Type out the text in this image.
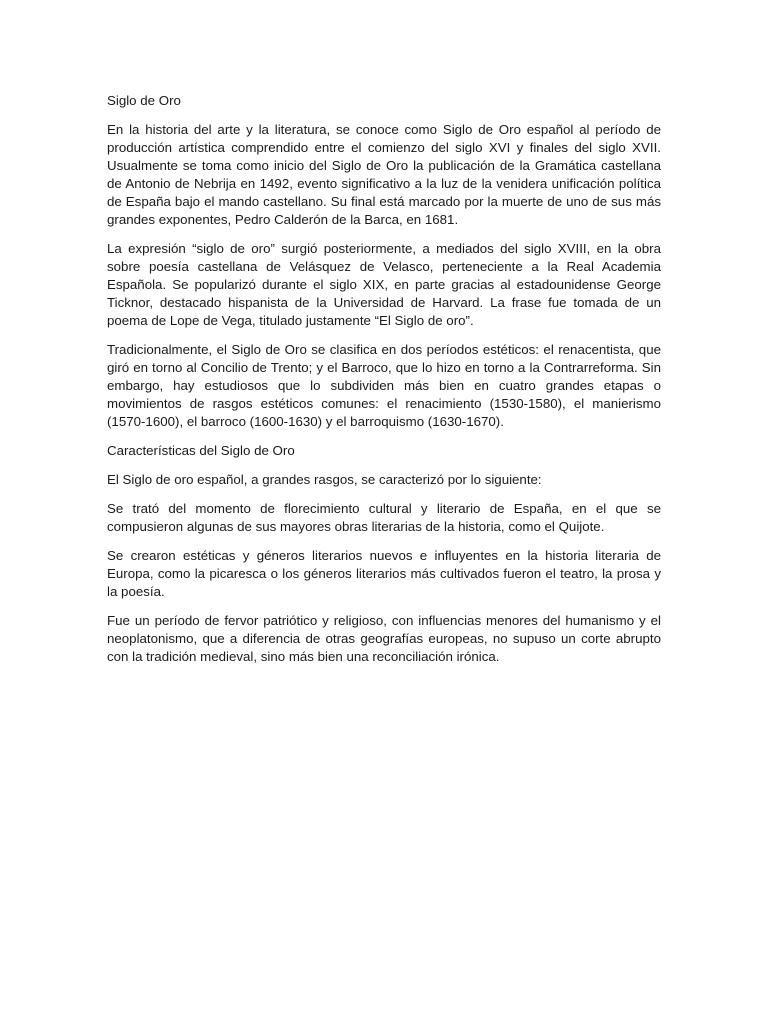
Siglo de Oro

En la historia del arte y la literatura, se conoce como Siglo de Oro español al período de producción artística comprendido entre el comienzo del siglo XVI y finales del siglo XVII. Usualmente se toma como inicio del Siglo de Oro la publicación de la Gramática castellana de Antonio de Nebrija en 1492, evento significativo a la luz de la venidera unificación política de España bajo el mando castellano. Su final está marcado por la muerte de uno de sus más grandes exponentes, Pedro Calderón de la Barca, en 1681.

La expresión “siglo de oro” surgió posteriormente, a mediados del siglo XVIII, en la obra sobre poesía castellana de Velásquez de Velasco, perteneciente a la Real Academia Española. Se popularizó durante el siglo XIX, en parte gracias al estadounidense George Ticknor, destacado hispanista de la Universidad de Harvard. La frase fue tomada de un poema de Lope de Vega, titulado justamente “El Siglo de oro”.

Tradicionalmente, el Siglo de Oro se clasifica en dos períodos estéticos: el renacentista, que giró en torno al Concilio de Trento; y el Barroco, que lo hizo en torno a la Contrarreforma. Sin embargo, hay estudiosos que lo subdividen más bien en cuatro grandes etapas o movimientos de rasgos estéticos comunes: el renacimiento (1530-1580), el manierismo (1570-1600), el barroco (1600-1630) y el barroquismo (1630-1670).

Características del Siglo de Oro

El Siglo de oro español, a grandes rasgos, se caracterizó por lo siguiente:

Se trató del momento de florecimiento cultural y literario de España, en el que se compusieron algunas de sus mayores obras literarias de la historia, como el Quijote.

Se crearon estéticas y géneros literarios nuevos e influyentes en la historia literaria de Europa, como la picaresca o los géneros literarios más cultivados fueron el teatro, la prosa y la poesía.

Fue un período de fervor patriótico y religioso, con influencias menores del humanismo y el neoplatonismo, que a diferencia de otras geografías europeas, no supuso un corte abrupto con la tradición medieval, sino más bien una reconciliación irónica.
